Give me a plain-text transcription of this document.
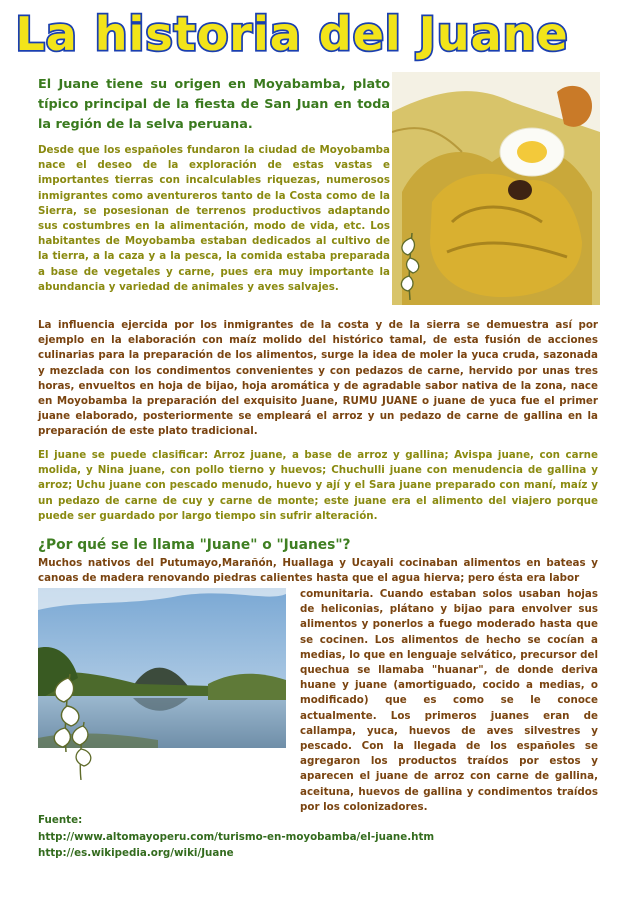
La historia del Juane

El Juane tiene su origen en Moyabamba, plato típico principal de la fiesta de San Juan en toda la región de la selva peruana.

Desde que los españoles fundaron la ciudad de Moyobamba nace el deseo de la exploración de estas vastas e importantes tierras con incalculables riquezas, numerosos inmigrantes como aventureros tanto de la Costa como de la Sierra, se posesionan de terrenos productivos adaptando sus costumbres en la alimentación, modo de vida, etc. Los habitantes de Moyobamba estaban dedicados al cultivo de la tierra, a la caza y a la pesca, la comida estaba preparada a base de vegetales y carne, pues era muy importante la abundancia y variedad de animales y aves salvajes.

La influencia ejercida por los inmigrantes de la costa y de la sierra se demuestra así por ejemplo en la elaboración con maíz molido del histórico tamal, de esta fusión de acciones culinarias para la preparación de los alimentos, surge la idea de moler la yuca cruda, sazonada y mezclada con los condimentos convenientes y con pedazos de carne, hervido por unas tres horas, envueltos en hoja de bijao, hoja aromática y de agradable sabor nativa de la zona, nace en Moyobamba la preparación del exquisito Juane, RUMU JUANE o juane de yuca fue el primer juane elaborado, posteriormente se empleará el arroz y un pedazo de carne de gallina en la preparación de este plato tradicional.

El juane se puede clasificar: Arroz juane, a base de arroz y gallina; Avispa juane, con carne molida, y Nina juane, con pollo tierno y huevos; Chuchulli juane con menudencia de gallina y arroz; Uchu juane con pescado menudo, huevo y ají y el Sara juane preparado con maní, maíz y un pedazo de carne de cuy y carne de monte; este juane era el alimento del viajero porque puede ser guardado por largo tiempo sin sufrir alteración.

¿Por qué se le llama "Juane" o "Juanes"?

Muchos nativos del Putumayo,Marañón, Huallaga y Ucayali cocinaban alimentos en bateas y canoas de madera renovando piedras calientes hasta que el agua hierva; pero ésta era labor

comunitaria. Cuando estaban solos usaban hojas de heliconias, plátano y bijao para envolver sus alimentos y ponerlos a fuego moderado hasta que se cocinen. Los alimentos de hecho se cocían a medias, lo que en lenguaje selvático, precursor del quechua se llamaba "huanar", de donde deriva huane y juane (amortiguado, cocido a medias, o modificado) que es como se le conoce actualmente. Los primeros juanes eran de callampa, yuca, huevos de aves silvestres y pescado. Con la llegada de los españoles se agregaron los productos traídos por estos y aparecen el juane de arroz con carne de gallina, aceituna, huevos de gallina y condimentos traídos por los colonizadores.

Fuente:
http://www.altomayoperu.com/turismo-en-moyobamba/el-juane.htm
http://es.wikipedia.org/wiki/Juane
